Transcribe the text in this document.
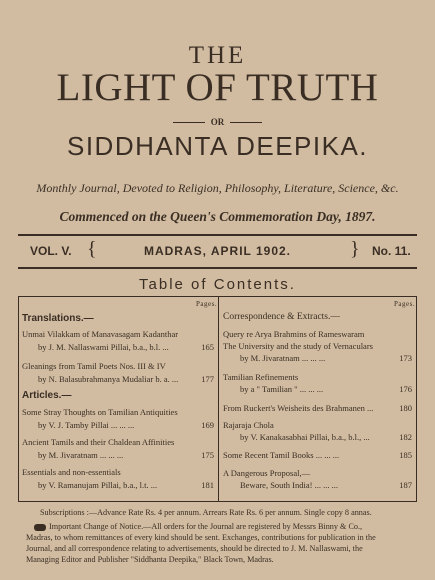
THE
LIGHT OF TRUTH
OR
SIDDHANTA DEEPIKA.
Monthly Journal, Devoted to Religion, Philosophy, Literature, Science, &c.
Commenced on the Queen's Commemoration Day, 1897.
VOL. V. {	MADRAS, APRIL 1902.	} No. 11.
Table of Contents.
Pages.	Pages.
Translations.—
Unmai Vilakkam of Manavasagam Kadanthar
by J. M. Nallaswami Pillai, b.a., b.l. ...	165
Gleanings from Tamil Poets Nos. III & IV
by N. Balasubrahmanya Mudaliar b. a. ...	177
Articles.—
Some Stray Thoughts on Tamilian Antiquities
by V. J. Tamby Pillai ... ... ...	169
Ancient Tamils and their Chaldean Affinities
by M. Jivaratnam ... ... ...	175
Essentials and non-essentials
by V. Ramanujam Pillai, b.a., l.t. ...	181
Correspondence & Extracts.—
Query re Arya Brahmins of Rameswaram
The University and the study of Vernaculars
by M. Jivaratnam ... ... ...	173
Tamilian Refinements
by a " Tamilian " ... ... ...	176
From Ruckert's Weisheits des Brahmanen ...	180
Rajaraja Chola
by V. Kanakasabhai Pillai, b.a., b.l., ...	182
Some Recent Tamil Books ... ... ...	185
A Dangerous Proposal,—
Beware, South India! ... ... ...	187
Subscriptions :—Advance Rate Rs. 4 per annum. Arrears Rate Rs. 6 per annum. Single copy 8 annas.
Important Change of Notice.—All orders for the Journal are registered by Messrs Binny & Co.,
Madras, to whom remittances of every kind should be sent. Exchanges, contributions for publication in the
Journal, and all correspondence relating to advertisements, should be directed to J. M. Nallaswami, the
Managing Editor and Publisher "Siddhanta Deepika," Black Town, Madras.
